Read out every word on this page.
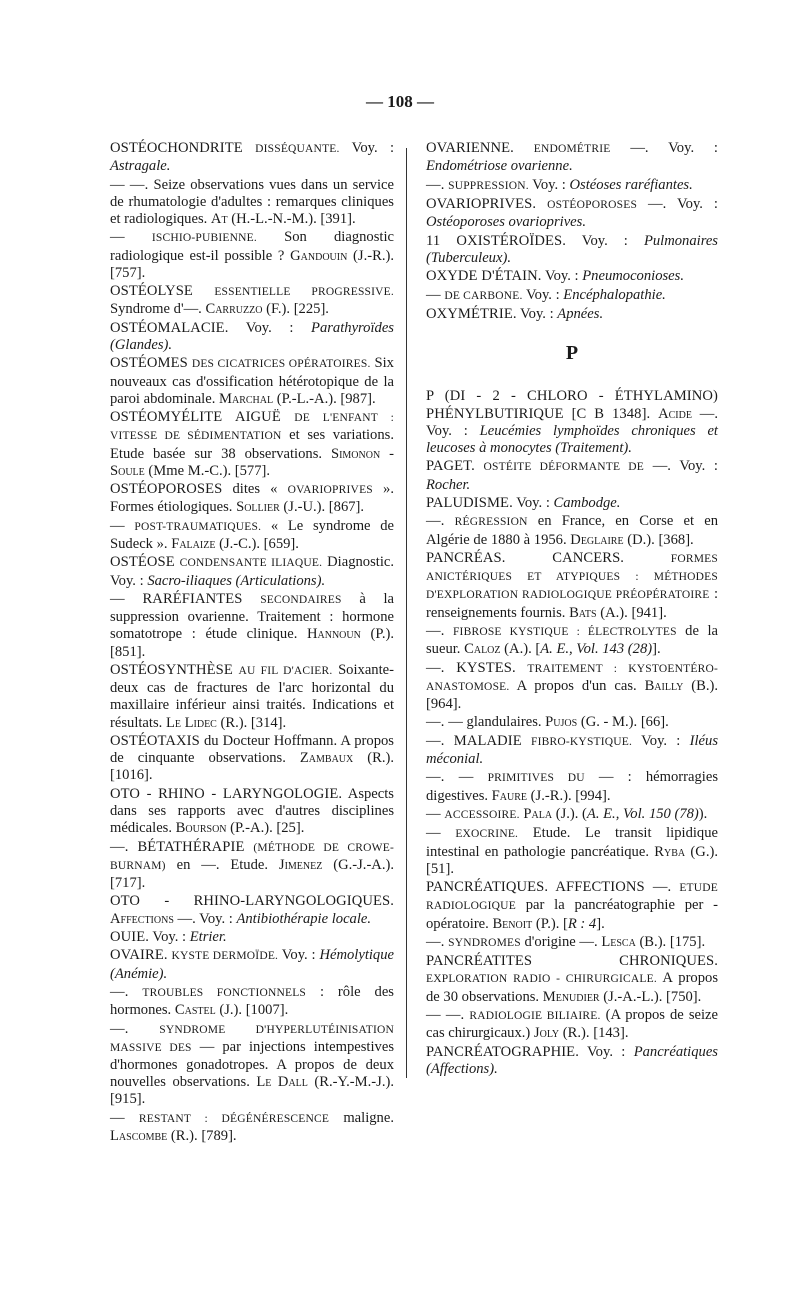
— 108 —

OSTÉOCHONDRITE DISSÉQUANTE. Voy. : Astragale.

— —. Seize observations vues dans un service de rhumatologie d'adultes : remarques cliniques et radiologiques. At (H.-L.-N.-M.). [391].

— ISCHIO-PUBIENNE. Son diagnostic radiologique est-il possible ? Gandouin (J.-R.). [757].

OSTÉOLYSE ESSENTIELLE PROGRESSIVE. Syndrome d'—. Carruzzo (F.). [225].

OSTÉOMALACIE. Voy. : Parathyroïdes (Glandes).

OSTÉOMES DES CICATRICES OPÉRATOIRES. Six nouveaux cas d'ossification hétérotopique de la paroi abdominale. Marchal (P.-L.-A.). [987].

OSTÉOMYÉLITE AIGUË DE L'ENFANT : VITESSE DE SÉDIMENTATION et ses variations. Etude basée sur 38 observations. Simonon - Soule (Mme M.-C.). [577].

OSTÉOPOROSES dites « OVARIOPRIVES ». Formes étiologiques. Sollier (J.-U.). [867].

— POST-TRAUMATIQUES. « Le syndrome de Sudeck ». Falaize (J.-C.). [659].

OSTÉOSE CONDENSANTE ILIAQUE. Diagnostic. Voy. : Sacro-iliaques (Articulations).

— RARÉFIANTES SECONDAIRES à la suppression ovarienne. Traitement : hormone somatotrope : étude clinique. Hannoun (P.). [851].

OSTÉOSYNTHÈSE AU FIL D'ACIER. Soixante-deux cas de fractures de l'arc horizontal du maxillaire inférieur ainsi traités. Indications et résultats. Le Lidec (R.). [314].

OSTÉOTAXIS du Docteur Hoffmann. A propos de cinquante observations. Zambaux (R.). [1016].

OTO - RHINO - LARYNGOLOGIE. Aspects dans ses rapports avec d'autres disciplines médicales. Bourson (P.-A.). [25].

—. BÉTATHÉRAPIE (MÉTHODE DE CROWE-BURNAM) en —. Etude. Jimenez (G.-J.-A.). [717].

OTO - RHINO-LARYNGOLOGIQUES. Affections —. Voy. : Antibiothérapie locale.

OUIE. Voy. : Etrier.

OVAIRE. KYSTE DERMOÏDE. Voy. : Hémolytique (Anémie).

—. TROUBLES FONCTIONNELS : rôle des hormones. Castel (J.). [1007].

—.	SYNDROME D'HYPERLUTÉINISATION MASSIVE DES — par injections intempestives d'hormones gonadotropes. A propos de deux nouvelles observations. Le Dall (R.-Y.-M.-J.). [915].

— RESTANT : DÉGÉNÉRESCENCE maligne. Lascombe (R.). [789].

OVARIENNE. ENDOMÉTRIE —. Voy. : Endométriose ovarienne.

—. SUPPRESSION. Voy. : Ostéoses raréfiantes.

OVARIOPRIVES. OSTÉOPOROSES —. Voy. : Ostéoporoses ovarioprives.

11 OXISTÉROÏDES. Voy. : Pulmonaires (Tuberculeux).

OXYDE D'ÉTAIN. Voy. : Pneumoconioses.

— DE CARBONE. Voy. : Encéphalopathie.

OXYMÉTRIE. Voy. : Apnées.

P

P (DI - 2 - CHLORO - ÉTHYLAMINO) PHÉNYLBUTIRIQUE [C B 1348]. Acide —. Voy. : Leucémies lymphoïdes chroniques et leucoses à monocytes (Traitement).

PAGET. OSTÉITE DÉFORMANTE DE —. Voy. : Rocher.

PALUDISME. Voy. : Cambodge.

—. RÉGRESSION en France, en Corse et en Algérie de 1880 à 1956. Deglaire (D.). [368].

PANCRÉAS. CANCERS.	FORMES ANICTÉRIQUES ET ATYPIQUES : MÉTHODES D'EXPLORATION RADIOLOGIQUE PRÉOPÉRATOIRE : renseignements fournis. Bats (A.). [941].

—. FIBROSE KYSTIQUE : ÉLECTROLYTES de la sueur. Caloz (A.). [A. E., Vol. 143 (28)].

—. KYSTES. TRAITEMENT : KYSTOENTÉRO-ANASTOMOSE. A propos d'un cas. Bailly (B.). [964].

—. — glandulaires. Pujos (G. - M.). [66].

—. MALADIE FIBRO-KYSTIQUE. Voy. : Iléus méconial.

—. — PRIMITIVES DU — : hémorragies digestives. Faure (J.-R.). [994].

— ACCESSOIRE. Pala (J.). (A. E., Vol. 150 (78)).

— EXOCRINE. Etude. Le transit lipidique intestinal en pathologie pancréatique. Ryba (G.). [51].

PANCRÉATIQUES. AFFECTIONS —. ETUDE RADIOLOGIQUE par la pancréatographie per - opératoire. Benoit (P.). [R : 4].

—. SYNDROMES d'origine —. Lesca (B.). [175].

PANCRÉATITES CHRONIQUES. EXPLORATION RADIO - CHIRURGICALE. A propos de 30 observations. Menudier (J.-A.-L.). [750].

— —. RADIOLOGIE BILIAIRE. (A propos de seize cas chirurgicaux.) Joly (R.). [143].

PANCRÉATOGRAPHIE. Voy. : Pancréatiques (Affections).
